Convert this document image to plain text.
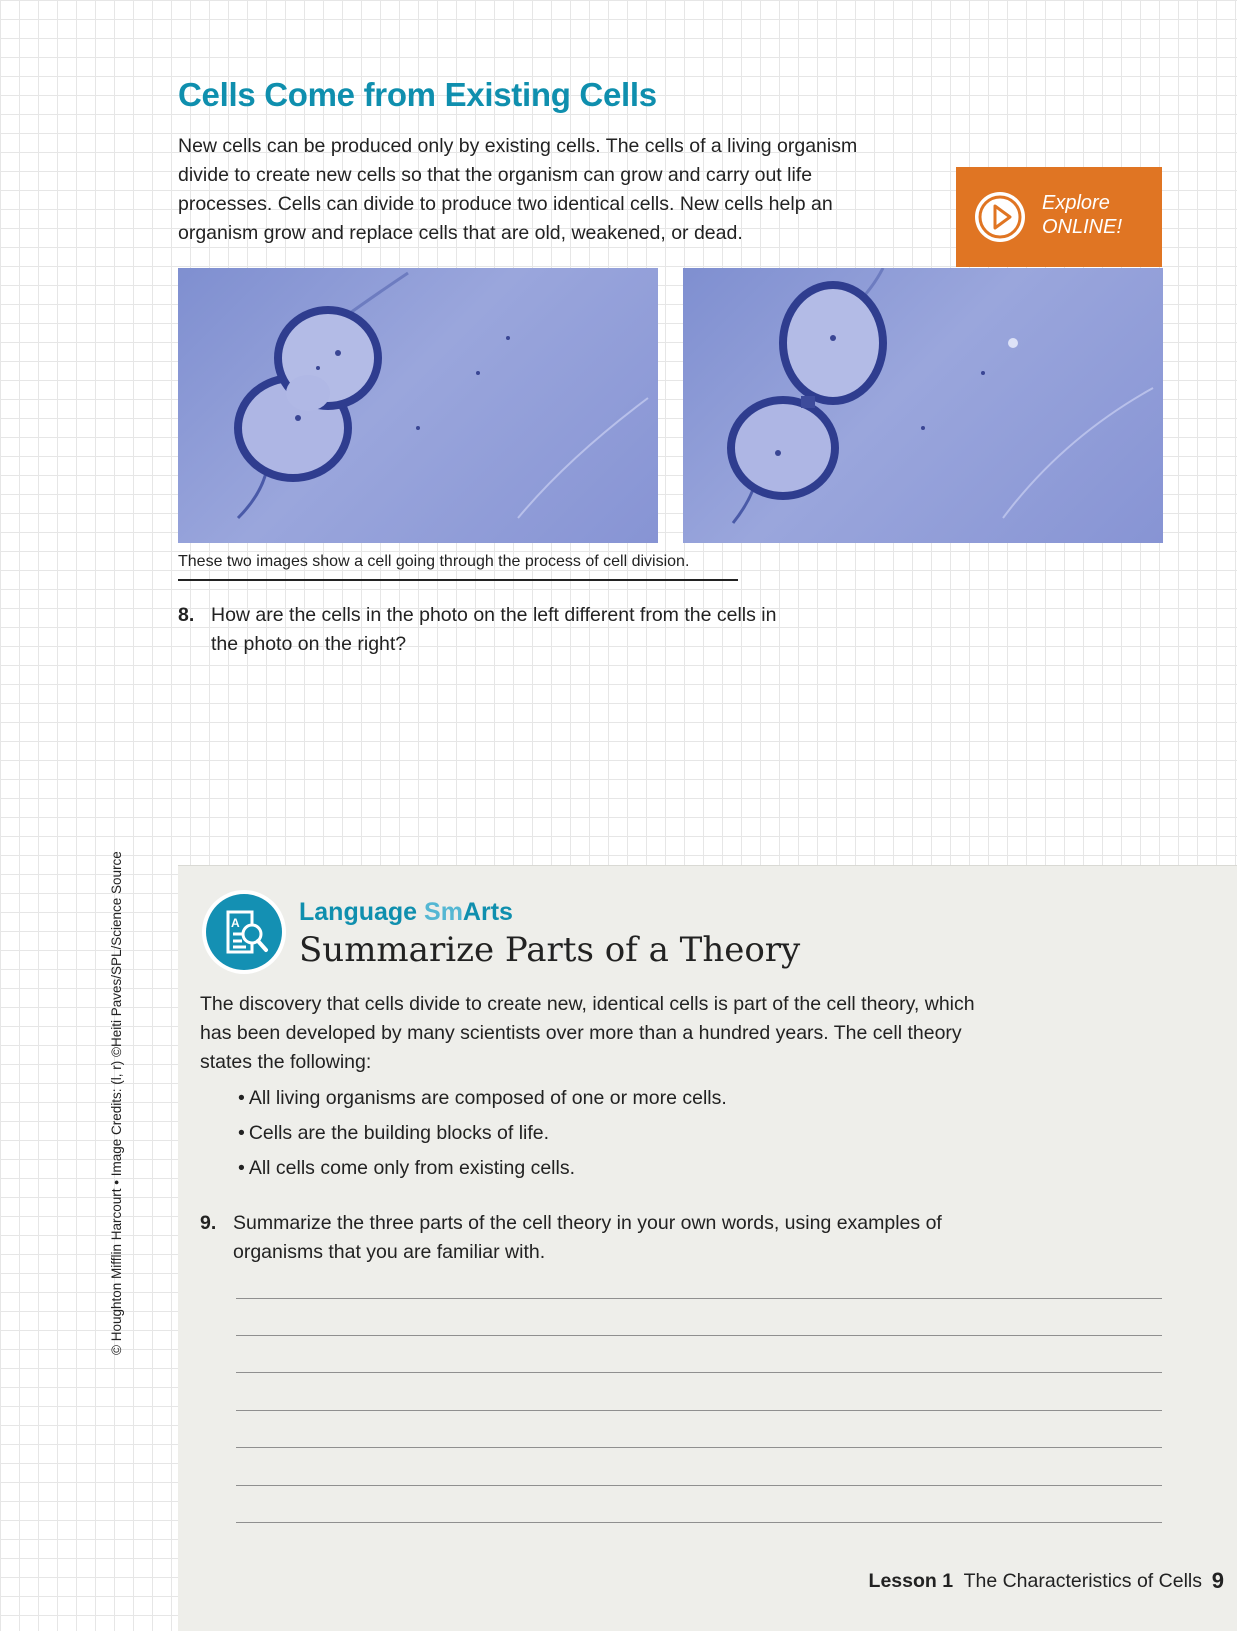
Cells Come from Existing Cells
New cells can be produced only by existing cells. The cells of a living organism divide to create new cells so that the organism can grow and carry out life processes. Cells can divide to produce two identical cells. New cells help an organism grow and replace cells that are old, weakened, or dead.
Explore
ONLINE!
These two images show a cell going through the process of cell division.
8. How are the cells in the photo on the left different from the cells in the photo on the right?
A Language SmArts
Summarize Parts of a Theory
The discovery that cells divide to create new, identical cells is part of the cell theory, which has been developed by many scientists over more than a hundred years. The cell theory states the following:
• All living organisms are composed of one or more cells.
• Cells are the building blocks of life.
• All cells come only from existing cells.
9. Summarize the three parts of the cell theory in your own words, using examples of organisms that you are familiar with.
Lesson 1 The Characteristics of Cells 9
© Houghton Mifflin Harcourt • Image Credits: (l, r) ©Heiti Paves/SPL/Science Source
